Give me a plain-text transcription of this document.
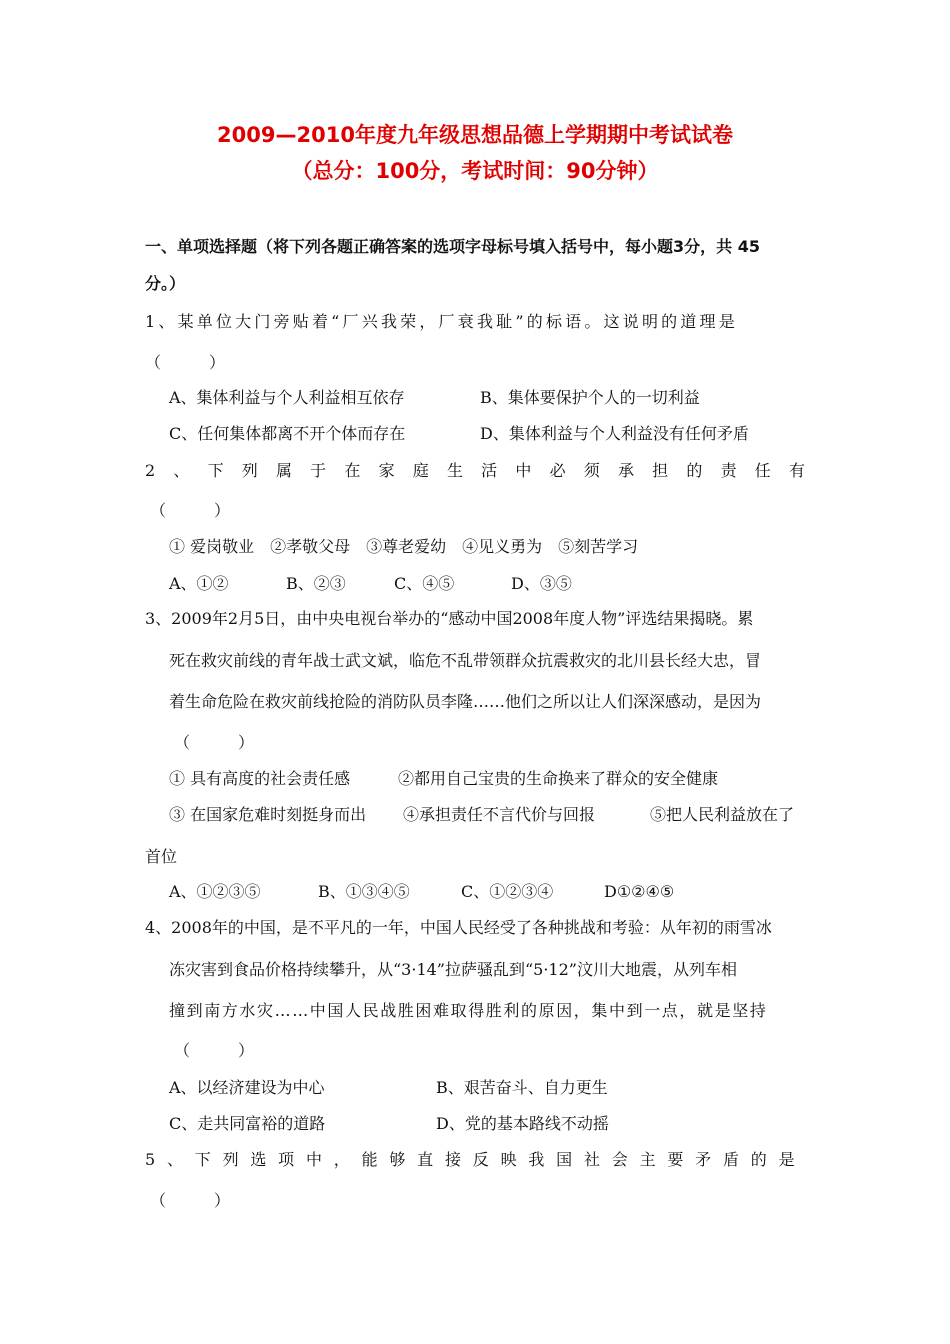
2009—2010年度九年级思想品德上学期期中考试试卷
（总分：100分，考试时间：90分钟）
一、单项选择题（将下列各题正确答案的选项字母标号填入括号中，每小题3分，共 45
分。）
1、某单位大门旁贴着“厂兴我荣，厂衰我耻”的标语。这说明的道理是
（　　　）
A、集体利益与个人利益相互依存	B、集体要保护个人的一切利益
C、任何集体都离不开个体而存在	D、集体利益与个人利益没有任何矛盾
2、下列属于在家庭生活中必须承担的责任有
（　　　）
① 爱岗敬业　②孝敬父母　③尊老爱幼　④见义勇为　⑤刻苦学习
A、①②	B、②③	C、④⑤	D、③⑤
3、2009年2月5日，由中央电视台举办的“感动中国2008年度人物”评选结果揭晓。累
死在救灾前线的青年战士武文斌，临危不乱带领群众抗震救灾的北川县长经大忠，冒
着生命危险在救灾前线抢险的消防队员李隆……他们之所以让人们深深感动，是因为
（　　　）
① 具有高度的社会责任感	②都用自己宝贵的生命换来了群众的安全健康
③ 在国家危难时刻挺身而出 ④承担责任不言代价与回报	⑤把人民利益放在了
首位
A、①②③⑤	B、①③④⑤	C、①②③④	D①②④⑤
4、2008年的中国，是不平凡的一年，中国人民经受了各种挑战和考验：从年初的雨雪冰
冻灾害到食品价格持续攀升，从“3·14”拉萨骚乱到“5·12”汶川大地震，从列车相
撞到南方水灾……中国人民战胜困难取得胜利的原因，集中到一点，就是坚持
（　　　）
A、以经济建设为中心	B、艰苦奋斗、自力更生
C、走共同富裕的道路	D、党的基本路线不动摇
5、下列选项中，能够直接反映我国社会主要矛盾的是
（　　　）
